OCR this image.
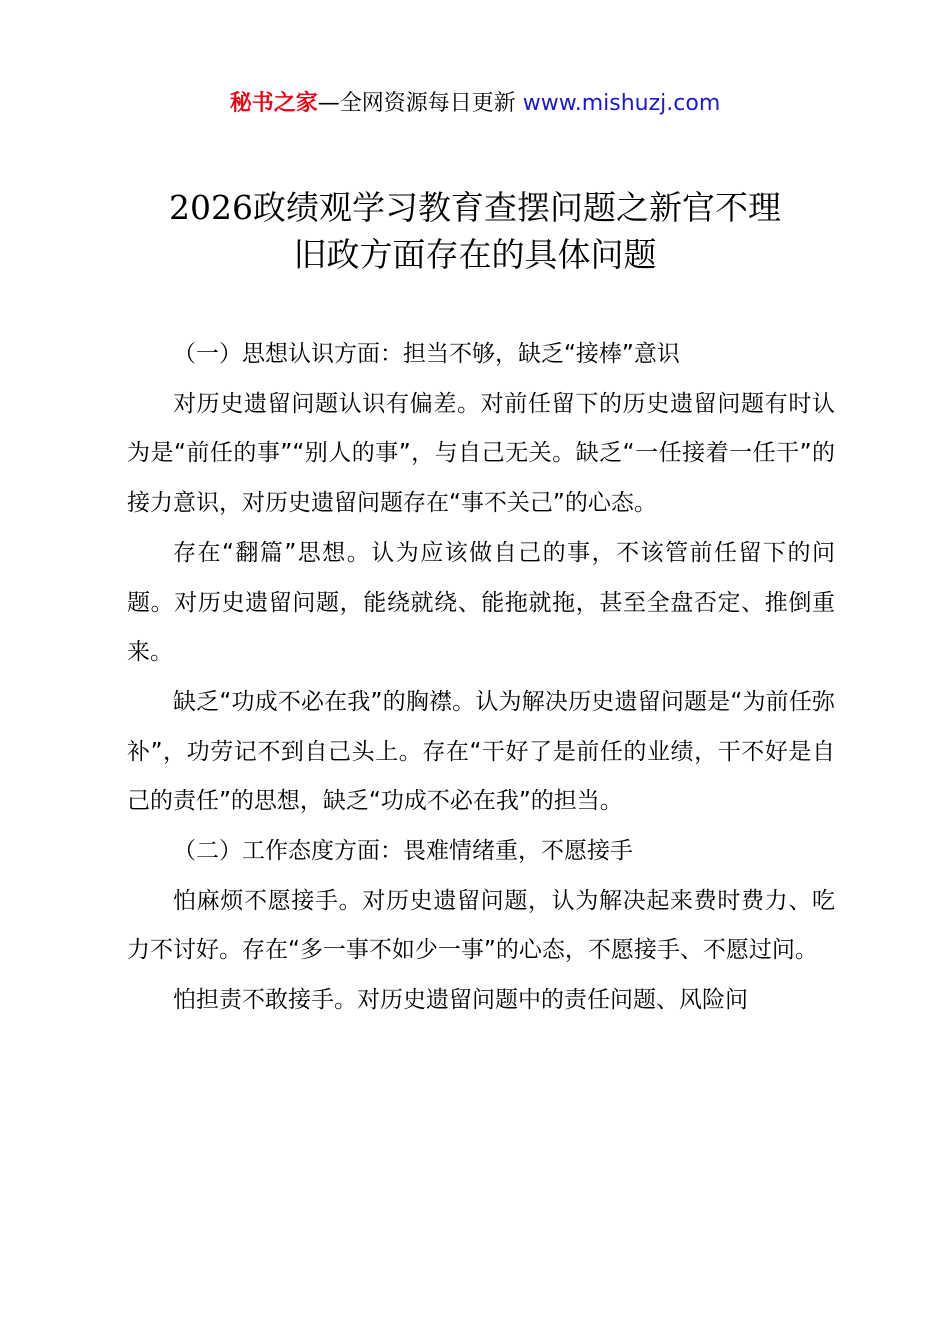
秘书之家—全网资源每日更新 www.mishuzj.com
2026政绩观学习教育查摆问题之新官不理
旧政方面存在的具体问题

（一）思想认识方面：担当不够，缺乏“接棒”意识

对历史遗留问题认识有偏差。对前任留下的历史遗留问题有时认为是“前任的事”“别人的事”，与自己无关。缺乏“一任接着一任干”的接力意识，对历史遗留问题存在“事不关己”的心态。

存在“翻篇”思想。认为应该做自己的事，不该管前任留下的问题。对历史遗留问题，能绕就绕、能拖就拖，甚至全盘否定、推倒重来。

缺乏“功成不必在我”的胸襟。认为解决历史遗留问题是“为前任弥补”，功劳记不到自己头上。存在“干好了是前任的业绩，干不好是自己的责任”的思想，缺乏“功成不必在我”的担当。

（二）工作态度方面：畏难情绪重，不愿接手

怕麻烦不愿接手。对历史遗留问题，认为解决起来费时费力、吃力不讨好。存在“多一事不如少一事”的心态，不愿接手、不愿过问。

怕担责不敢接手。对历史遗留问题中的责任问题、风险问
